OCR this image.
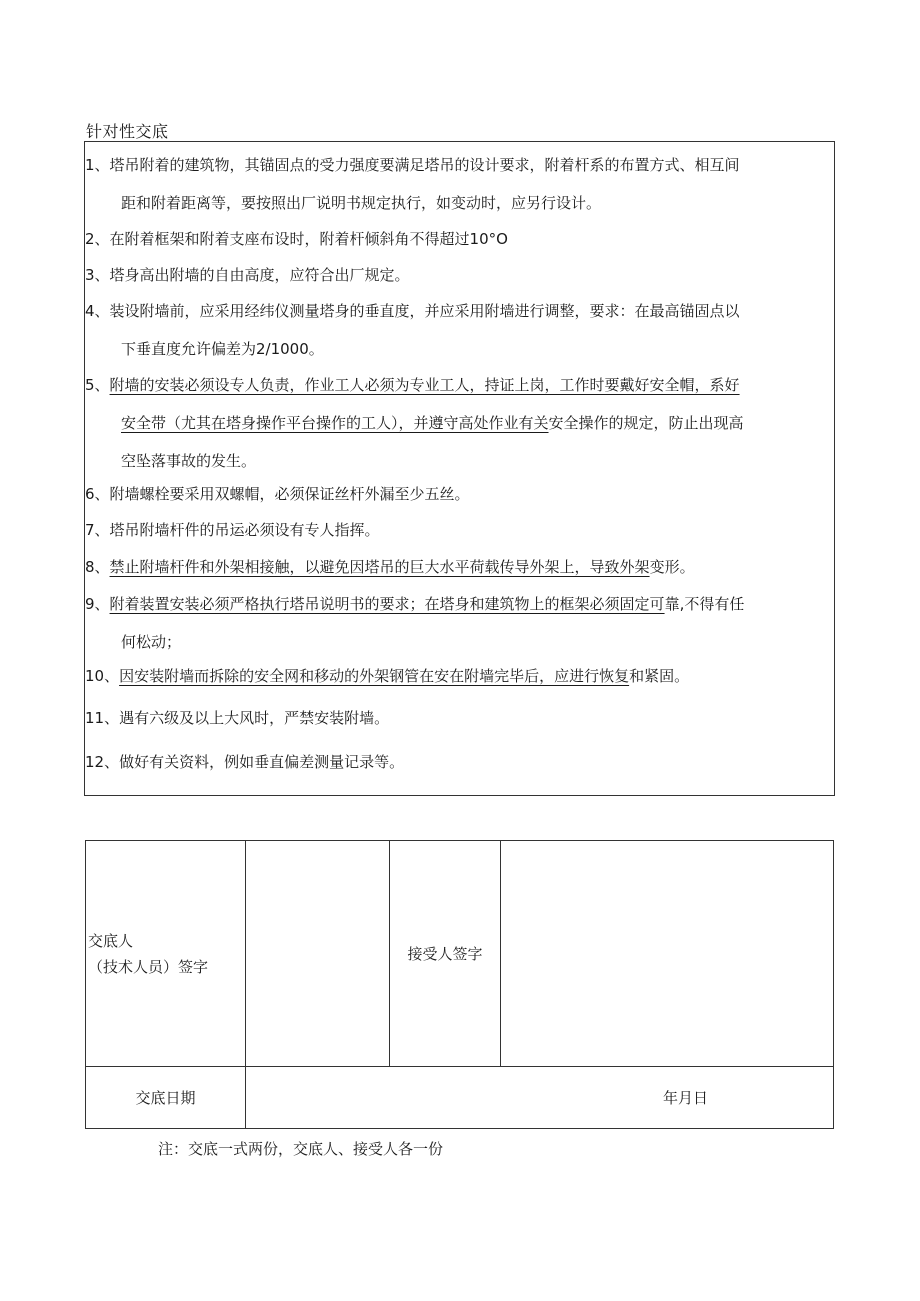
针对性交底
1、塔吊附着的建筑物，其锚固点的受力强度要满足塔吊的设计要求，附着杆系的布置方式、相互间
距和附着距离等，要按照出厂说明书规定执行，如变动时，应另行设计。
2、在附着框架和附着支座布设时，附着杆倾斜角不得超过10°O
3、塔身高出附墙的自由高度，应符合出厂规定。
4、装设附墙前，应采用经纬仪测量塔身的垂直度，并应采用附墙进行调整，要求：在最高锚固点以
下垂直度允许偏差为2/1000。
5、附墙的安装必须设专人负责，作业工人必须为专业工人，持证上岗，工作时要戴好安全帽，系好
安全带（尤其在塔身操作平台操作的工人），并遵守高处作业有关安全操作的规定，防止出现高
空坠落事故的发生。
6、附墙螺栓要采用双螺帽，必须保证丝杆外漏至少五丝。
7、塔吊附墙杆件的吊运必须设有专人指挥。
8、禁止附墙杆件和外架相接触，以避免因塔吊的巨大水平荷载传导外架上，导致外架变形。
9、附着装置安装必须严格执行塔吊说明书的要求；在塔身和建筑物上的框架必须固定可靠,不得有任
何松动；
10、因安装附墙而拆除的安全网和移动的外架钢管在安在附墙完毕后，应进行恢复和紧固。
11、遇有六级及以上大风时，严禁安装附墙。
12、做好有关资料，例如垂直偏差测量记录等。
交底人
（技术人员）签字		接受人签字	
交底日期	年月日		
注：交底一式两份，交底人、接受人各一份
